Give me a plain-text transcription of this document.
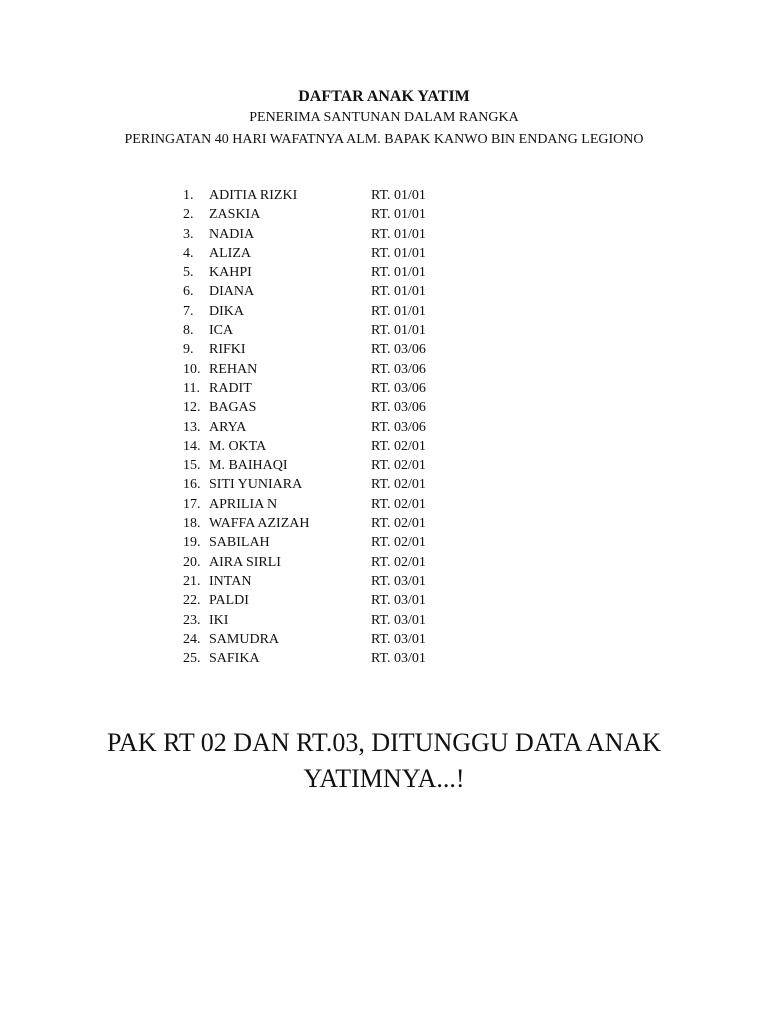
DAFTAR ANAK YATIM

PENERIMA SANTUNAN DALAM RANGKA

PERINGATAN 40 HARI WAFATNYA ALM. BAPAK KANWO BIN ENDANG LEGIONO

1. ADITIA RIZKI	RT. 01/01
2. ZASKIA	RT. 01/01
3. NADIA	RT. 01/01
4. ALIZA	RT. 01/01
5. KAHPI	RT. 01/01
6. DIANA	RT. 01/01
7. DIKA	RT. 01/01
8. ICA	RT. 01/01
9. RIFKI	RT. 03/06
10. REHAN	RT. 03/06
11. RADIT	RT. 03/06
12. BAGAS	RT. 03/06
13. ARYA	RT. 03/06
14. M. OKTA	RT. 02/01
15. M. BAIHAQI	RT. 02/01
16. SITI YUNIARA	RT. 02/01
17. APRILIA N	RT. 02/01
18. WAFFA AZIZAH	RT. 02/01
19. SABILAH	RT. 02/01
20. AIRA SIRLI	RT. 02/01
21. INTAN	RT. 03/01
22. PALDI	RT. 03/01
23. IKI	RT. 03/01
24. SAMUDRA	RT. 03/01
25. SAFIKA	RT. 03/01

PAK RT 02 DAN RT.03, DITUNGGU DATA ANAK
YATIMNYA...!
